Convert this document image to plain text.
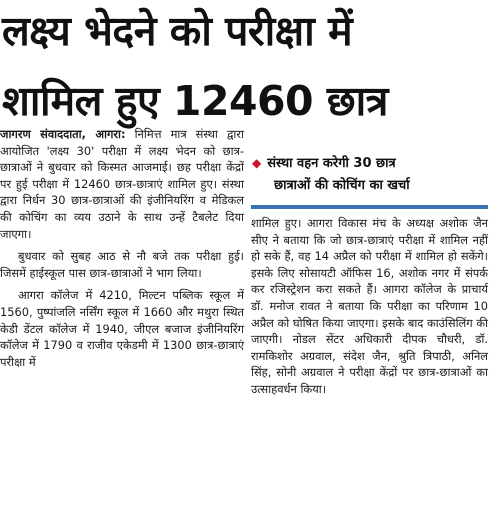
लक्ष्य भेदने को परीक्षा में
शामिल हुए 12460 छात्र

जागरण संवाददाता, आगरा: निमित्त मात्र संस्था द्वारा आयोजित 'लक्ष्य 30' परीक्षा में लक्ष्य भेदन को छात्र-छात्राओं ने बुधवार को किस्मत आजमाई। छह परीक्षा केंद्रों पर हुई परीक्षा में 12460 छात्र-छात्राएं शामिल हुए। संस्था द्वारा निर्धन 30 छात्र-छात्राओं की इंजीनियरिंग व मेडिकल की कोचिंग का व्यय उठाने के साथ उन्हें टैबलेट दिया जाएगा।

बुधवार को सुबह आठ से नौ बजे तक परीक्षा हुई। जिसमें हाईस्कूल पास छात्र-छात्राओं ने भाग लिया।

आगरा कॉलेज में 4210, मिल्टन पब्लिक स्कूल में 1560, पुष्पांजलि नर्सिंग स्कूल में 1660 और मथुरा स्थित केडी डेंटल कॉलेज में 1940, जीएल बजाज इंजीनियरिंग कॉलेज में 1790 व राजीव एकेडमी में 1300 छात्र-छात्राएं परीक्षा में

◆ संस्था वहन करेगी 30 छात्र
छात्राओं की कोचिंग का खर्चा

शामिल हुए। आगरा विकास मंच के अध्यक्ष अशोक जैन सीए ने बताया कि जो छात्र-छात्राएं परीक्षा में शामिल नहीं हो सके हैं, वह 14 अप्रैल को परीक्षा में शामिल हो सकेंगे। इसके लिए सोसायटी ऑफिस 16, अशोक नगर में संपर्क कर रजिस्ट्रेशन करा सकते हैं। आगरा कॉलेज के प्राचार्य डॉ. मनोज रावत ने बताया कि परीक्षा का परिणाम 10 अप्रैल को घोषित किया जाएगा। इसके बाद काउंसिलिंग की जाएगी। नोडल सेंटर अधिकारी दीपक चौधरी, डॉ. रामकिशोर अग्रवाल, संदेश जैन, श्रुति त्रिपाठी, अनिल सिंह, सोनी अग्रवाल ने परीक्षा केंद्रों पर छात्र-छात्राओं का उत्साहवर्धन किया।
